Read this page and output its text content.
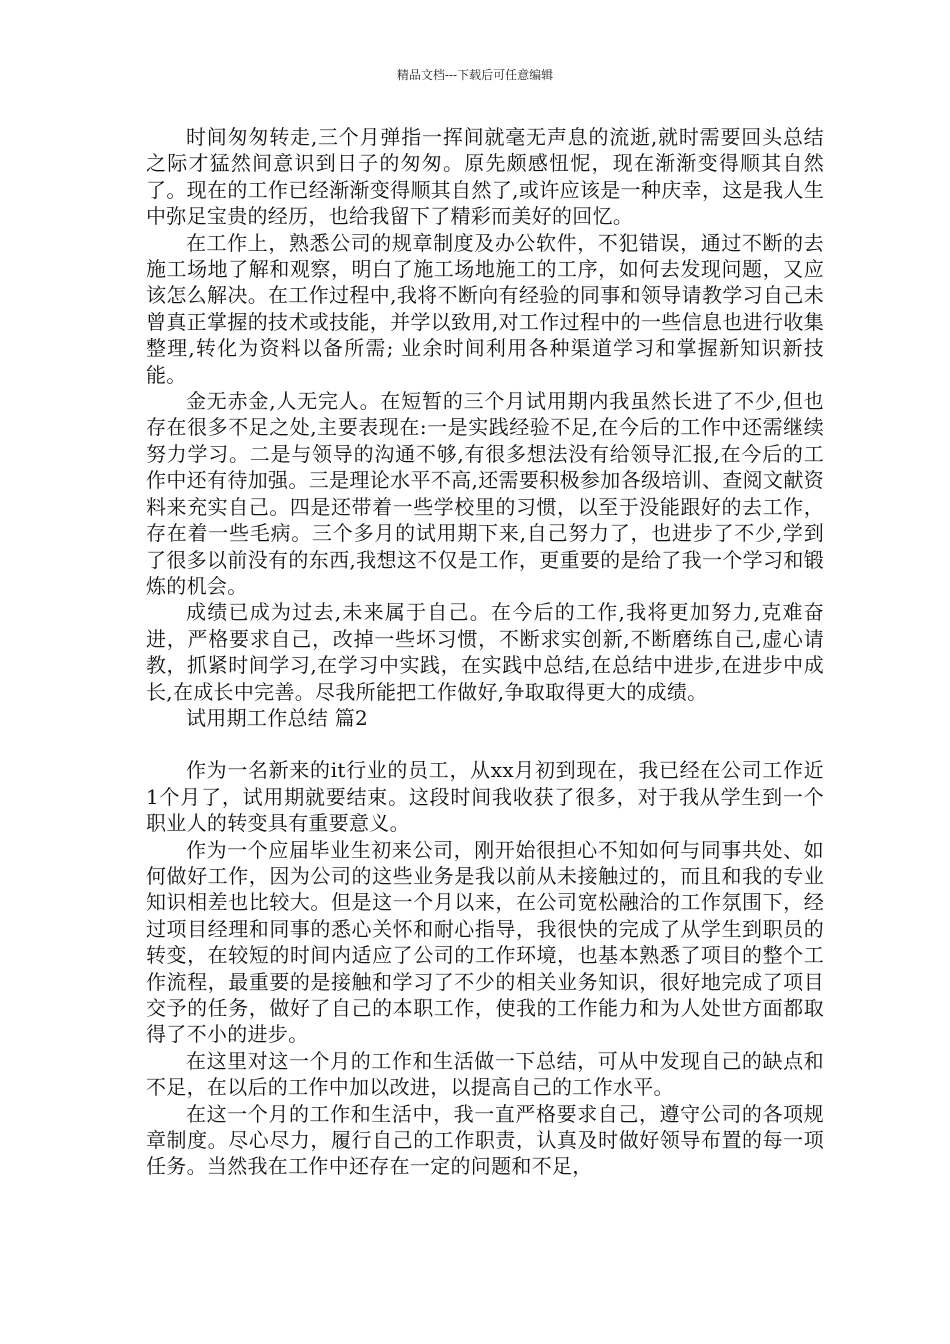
精品文档---下载后可任意编辑

时间匆匆转走,三个月弹指一挥间就毫无声息的流逝,就时需要回头总结之际才猛然间意识到日子的匆匆。原先颇感忸怩，现在渐渐变得顺其自然了。现在的工作已经渐渐变得顺其自然了,或许应该是一种庆幸，这是我人生中弥足宝贵的经历，也给我留下了精彩而美好的回忆。

在工作上，熟悉公司的规章制度及办公软件，不犯错误，通过不断的去施工场地了解和观察，明白了施工场地施工的工序，如何去发现问题，又应该怎么解决。在工作过程中,我将不断向有经验的同事和领导请教学习自己未曾真正掌握的技术或技能，并学以致用,对工作过程中的一些信息也进行收集整理,转化为资料以备所需; 业余时间利用各种渠道学习和掌握新知识新技能。

金无赤金,人无完人。在短暂的三个月试用期内我虽然长进了不少,但也存在很多不足之处,主要表现在:一是实践经验不足,在今后的工作中还需继续努力学习。二是与领导的沟通不够,有很多想法没有给领导汇报,在今后的工作中还有待加强。三是理论水平不高,还需要积极参加各级培训、查阅文献资料来充实自己。四是还带着一些学校里的习惯，以至于没能跟好的去工作，存在着一些毛病。三个多月的试用期下来,自己努力了，也进步了不少,学到了很多以前没有的东西,我想这不仅是工作，更重要的是给了我一个学习和锻炼的机会。

成绩已成为过去,未来属于自己。在今后的工作,我将更加努力,克难奋进，严格要求自己，改掉一些坏习惯，不断求实创新,不断磨练自己,虚心请教，抓紧时间学习,在学习中实践，在实践中总结,在总结中进步,在进步中成长,在成长中完善。尽我所能把工作做好,争取取得更大的成绩。

试用期工作总结 篇2

作为一名新来的it行业的员工，从xx月初到现在，我已经在公司工作近1个月了，试用期就要结束。这段时间我收获了很多，对于我从学生到一个职业人的转变具有重要意义。

作为一个应届毕业生初来公司，刚开始很担心不知如何与同事共处、如何做好工作，因为公司的这些业务是我以前从未接触过的，而且和我的专业知识相差也比较大。但是这一个月以来，在公司宽松融洽的工作氛围下，经过项目经理和同事的悉心关怀和耐心指导，我很快的完成了从学生到职员的转变，在较短的时间内适应了公司的工作环境，也基本熟悉了项目的整个工作流程，最重要的是接触和学习了不少的相关业务知识，很好地完成了项目交予的任务，做好了自己的本职工作，使我的工作能力和为人处世方面都取得了不小的进步。

在这里对这一个月的工作和生活做一下总结，可从中发现自己的缺点和不足，在以后的工作中加以改进，以提高自己的工作水平。

在这一个月的工作和生活中，我一直严格要求自己，遵守公司的各项规章制度。尽心尽力，履行自己的工作职责，认真及时做好领导布置的每一项任务。当然我在工作中还存在一定的问题和不足，
